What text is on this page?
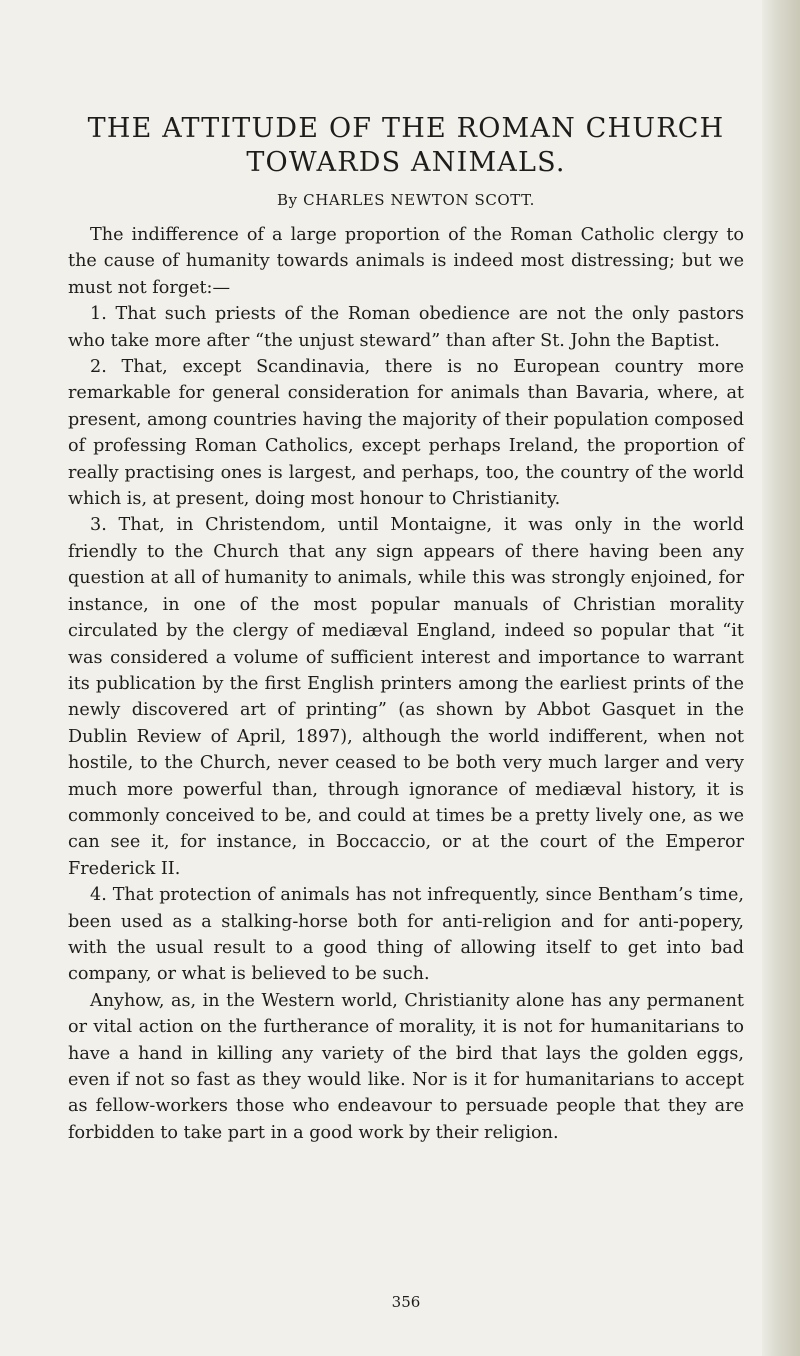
THE ATTITUDE OF THE ROMAN CHURCH
TOWARDS ANIMALS.
By CHARLES NEWTON SCOTT.

The indifference of a large proportion of the Roman Catholic clergy to the cause of humanity towards animals is indeed most distressing; but we must not forget:—

1. That such priests of the Roman obedience are not the only pastors who take more after “the unjust steward” than after St. John the Baptist.

2. That, except Scandinavia, there is no European country more remarkable for general consideration for animals than Bavaria, where, at present, among countries having the majority of their population composed of professing Roman Catholics, except perhaps Ireland, the proportion of really practising ones is largest, and perhaps, too, the country of the world which is, at present, doing most honour to Christianity.

3. That, in Christendom, until Montaigne, it was only in the world friendly to the Church that any sign appears of there having been any question at all of humanity to animals, while this was strongly enjoined, for instance, in one of the most popular manuals of Christian morality circulated by the clergy of mediæval England, indeed so popular that “it was considered a volume of sufficient interest and importance to warrant its publication by the first English printers among the earliest prints of the newly discovered art of printing” (as shown by Abbot Gasquet in the Dublin Review of April, 1897), although the world indifferent, when not hostile, to the Church, never ceased to be both very much larger and very much more powerful than, through ignorance of mediæval history, it is commonly conceived to be, and could at times be a pretty lively one, as we can see it, for instance, in Boccaccio, or at the court of the Emperor Frederick II.

4. That protection of animals has not infrequently, since Bentham’s time, been used as a stalking-horse both for anti-religion and for anti-popery, with the usual result to a good thing of allowing itself to get into bad company, or what is believed to be such.

Anyhow, as, in the Western world, Christianity alone has any permanent or vital action on the furtherance of morality, it is not for humanitarians to have a hand in killing any variety of the bird that lays the golden eggs, even if not so fast as they would like. Nor is it for humanitarians to accept as fellow-workers those who endeavour to persuade people that they are forbidden to take part in a good work by their religion.

356
